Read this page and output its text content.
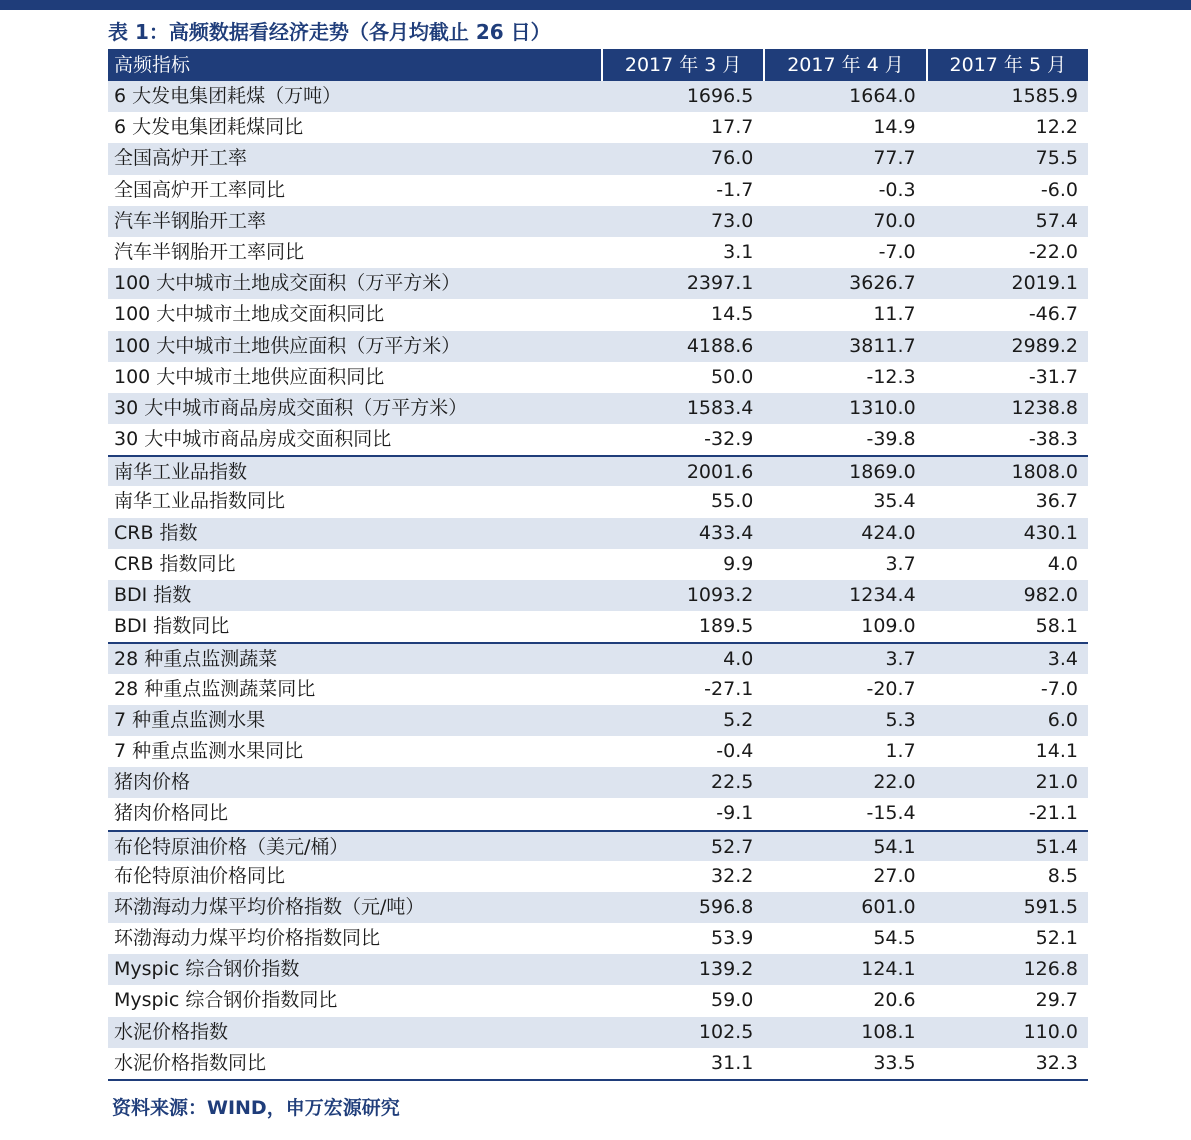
表 1：高频数据看经济走势（各月均截止 26 日）
高频指标	2017 年 3 月	2017 年 4 月	2017 年 5 月
6 大发电集团耗煤（万吨）	1696.5	1664.0	1585.9
6 大发电集团耗煤同比	17.7	14.9	12.2
全国高炉开工率	76.0	77.7	75.5
全国高炉开工率同比	-1.7	-0.3	-6.0
汽车半钢胎开工率	73.0	70.0	57.4
汽车半钢胎开工率同比	3.1	-7.0	-22.0
100 大中城市土地成交面积（万平方米）	2397.1	3626.7	2019.1
100 大中城市土地成交面积同比	14.5	11.7	-46.7
100 大中城市土地供应面积（万平方米）	4188.6	3811.7	2989.2
100 大中城市土地供应面积同比	50.0	-12.3	-31.7
30 大中城市商品房成交面积（万平方米）	1583.4	1310.0	1238.8
30 大中城市商品房成交面积同比	-32.9	-39.8	-38.3
南华工业品指数	2001.6	1869.0	1808.0
南华工业品指数同比	55.0	35.4	36.7
CRB 指数	433.4	424.0	430.1
CRB 指数同比	9.9	3.7	4.0
BDI 指数	1093.2	1234.4	982.0
BDI 指数同比	189.5	109.0	58.1
28 种重点监测蔬菜	4.0	3.7	3.4
28 种重点监测蔬菜同比	-27.1	-20.7	-7.0
7 种重点监测水果	5.2	5.3	6.0
7 种重点监测水果同比	-0.4	1.7	14.1
猪肉价格	22.5	22.0	21.0
猪肉价格同比	-9.1	-15.4	-21.1
布伦特原油价格（美元/桶）	52.7	54.1	51.4
布伦特原油价格同比	32.2	27.0	8.5
环渤海动力煤平均价格指数（元/吨）	596.8	601.0	591.5
环渤海动力煤平均价格指数同比	53.9	54.5	52.1
Myspic 综合钢价指数	139.2	124.1	126.8
Myspic 综合钢价指数同比	59.0	20.6	29.7
水泥价格指数	102.5	108.1	110.0
水泥价格指数同比	31.1	33.5	32.3
资料来源：WIND，申万宏源研究
